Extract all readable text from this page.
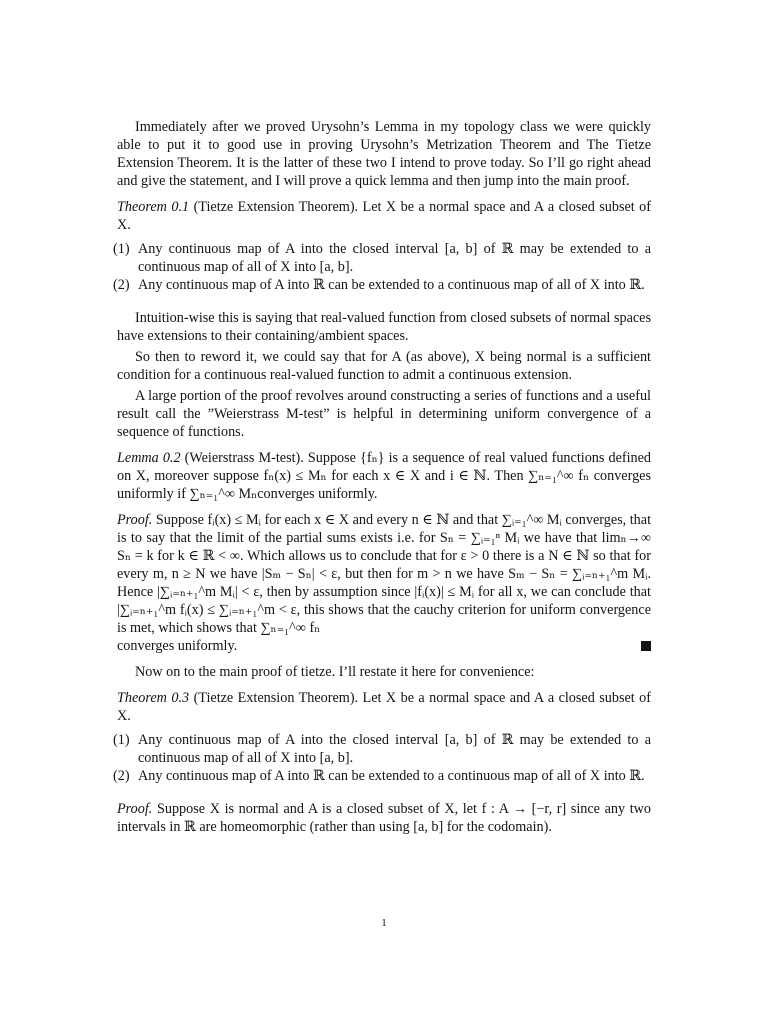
Immediately after we proved Urysohn’s Lemma in my topology class we were quickly able to put it to good use in proving Urysohn’s Metrization Theorem and The Tietze Extension Theorem. It is the latter of these two I intend to prove today. So I’ll go right ahead and give the statement, and I will prove a quick lemma and then jump into the main proof.

Theorem 0.1 (Tietze Extension Theorem). Let X be a normal space and A a closed subset of X.

(1) Any continuous map of A into the closed interval [a, b] of ℝ may be extended to a continuous map of all of X into [a, b].
(2) Any continuous map of A into ℝ can be extended to a continuous map of all of X into ℝ.

Intuition-wise this is saying that real-valued function from closed subsets of normal spaces have extensions to their containing/ambient spaces.

So then to reword it, we could say that for A (as above), X being normal is a sufficient condition for a continuous real-valued function to admit a continuous extension.

A large portion of the proof revolves around constructing a series of functions and a useful result call the ”Weierstrass M-test” is helpful in determining uniform convergence of a sequence of functions.

Lemma 0.2 (Weierstrass M-test). Suppose {fₙ} is a sequence of real valued functions defined on X, moreover suppose fₙ(x) ≤ Mₙ for each x ∈ X and i ∈ ℕ. Then ∑ₙ₌₁^∞ fₙ converges uniformly if ∑ₙ₌₁^∞ Mₙconverges uniformly.

Proof. Suppose fᵢ(x) ≤ Mᵢ for each x ∈ X and every n ∈ ℕ and that ∑ᵢ₌₁^∞ Mᵢ converges, that is to say that the limit of the partial sums exists i.e. for Sₙ = ∑ᵢ₌₁ⁿ Mᵢ we have that limₙ→∞ Sₙ = k for k ∈ ℝ < ∞. Which allows us to conclude that for ε > 0 there is a N ∈ ℕ so that for every m, n ≥ N we have |Sₘ − Sₙ| < ε, but then for m > n we have Sₘ − Sₙ = ∑ᵢ₌ₙ₊₁^m Mᵢ. Hence |∑ᵢ₌ₙ₊₁^m Mᵢ| < ε, then by assumption since |fᵢ(x)| ≤ Mᵢ for all x, we can conclude that |∑ᵢ₌ₙ₊₁^m fᵢ(x) ≤ ∑ᵢ₌ₙ₊₁^m < ε, this shows that the cauchy criterion for uniform convergence is met, which shows that ∑ₙ₌₁^∞ fₙ

converges uniformly.

Now on to the main proof of tietze. I’ll restate it here for convenience:

Theorem 0.3 (Tietze Extension Theorem). Let X be a normal space and A a closed subset of X.

(1) Any continuous map of A into the closed interval [a, b] of ℝ may be extended to a continuous map of all of X into [a, b].
(2) Any continuous map of A into ℝ can be extended to a continuous map of all of X into ℝ.

Proof. Suppose X is normal and A is a closed subset of X, let f : A → [−r, r] since any two intervals in ℝ are homeomorphic (rather than using [a, b] for the codomain).

1
